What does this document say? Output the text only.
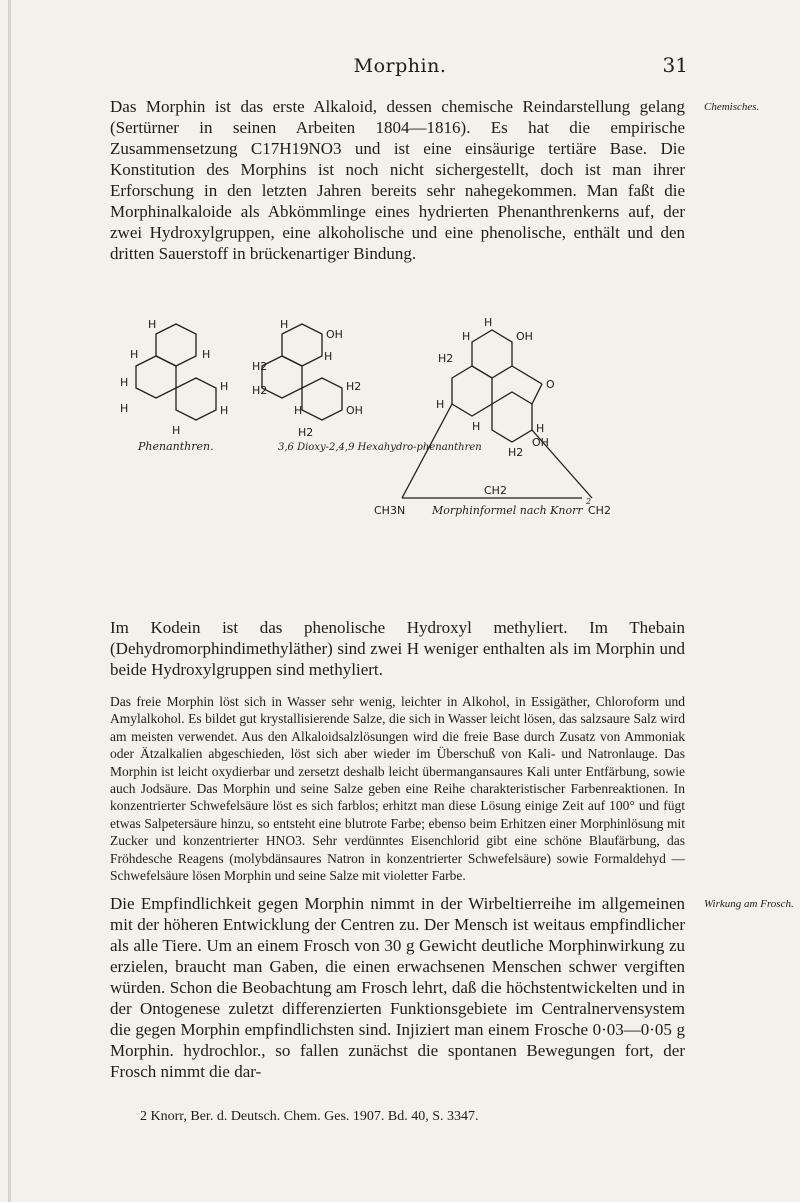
Morphin.	31
Das Morphin ist das erste Alkaloid, dessen chemische Reindarstellung gelang (Sertürner in seinen Arbeiten 1804—1816). Es hat die empirische Zusammensetzung C17H19NO3 und ist eine einsäurige tertiäre Base. Die Konstitution des Morphins ist noch nicht sichergestellt, doch ist man ihrer Erforschung in den letzten Jahren bereits sehr nahegekommen. Man faßt die Morphinalkaloide als Abkömmlinge eines hydrierten Phenanthrenkerns auf, der zwei Hydroxylgruppen, eine alkoholische und eine phenolische, enthält und den dritten Sauerstoff in brückenartiger Bindung.
Chemisches.
H
H	H
H	H
H	H
H
Phenanthren.
H
OH
H
H2
H2	H2
H	OH
H2
3,6 Dioxy-2,4,9 Hexahydro-phenanthren
H
H	OH
H2
O
H
H	H
OH
H2
CH2
CH3N	CH2
Morphinformel nach Knorr
2
Im Kodein ist das phenolische Hydroxyl methyliert. Im Thebain (Dehydromorphindimethyläther) sind zwei H weniger enthalten als im Morphin und beide Hydroxylgruppen sind methyliert.
Das freie Morphin löst sich in Wasser sehr wenig, leichter in Alkohol, in Essigäther, Chloroform und Amylalkohol. Es bildet gut krystallisierende Salze, die sich in Wasser leicht lösen, das salzsaure Salz wird am meisten verwendet. Aus den Alkaloidsalzlösungen wird die freie Base durch Zusatz von Ammoniak oder Ätzalkalien abgeschieden, löst sich aber wieder im Überschuß von Kali- und Natronlauge. Das Morphin ist leicht oxydierbar und zersetzt deshalb leicht übermangansaures Kali unter Entfärbung, sowie auch Jodsäure. Das Morphin und seine Salze geben eine Reihe charakteristischer Farbenreaktionen. In konzentrierter Schwefelsäure löst es sich farblos; erhitzt man diese Lösung einige Zeit auf 100° und fügt etwas Salpetersäure hinzu, so entsteht eine blutrote Farbe; ebenso beim Erhitzen einer Morphinlösung mit Zucker und konzentrierter HNO3. Sehr verdünntes Eisenchlorid gibt eine schöne Blaufärbung, das Fröhdesche Reagens (molybdänsaures Natron in konzentrierter Schwefelsäure) sowie Formaldehyd — Schwefelsäure lösen Morphin und seine Salze mit violetter Farbe.
Die Empfindlichkeit gegen Morphin nimmt in der Wirbeltierreihe im allgemeinen mit der höheren Entwicklung der Centren zu. Der Mensch ist weitaus empfindlicher als alle Tiere. Um an einem Frosch von 30 g Gewicht deutliche Morphinwirkung zu erzielen, braucht man Gaben, die einen erwachsenen Menschen schwer vergiften würden. Schon die Beobachtung am Frosch lehrt, daß die höchstentwickelten und in der Ontogenese zuletzt differenzierten Funktionsgebiete im Centralnervensystem die gegen Morphin empfindlichsten sind. Injiziert man einem Frosche 0·03—0·05 g Morphin. hydrochlor., so fallen zunächst die spontanen Bewegungen fort, der Frosch nimmt die dar-
Wirkung am Frosch.
2 Knorr, Ber. d. Deutsch. Chem. Ges. 1907. Bd. 40, S. 3347.
